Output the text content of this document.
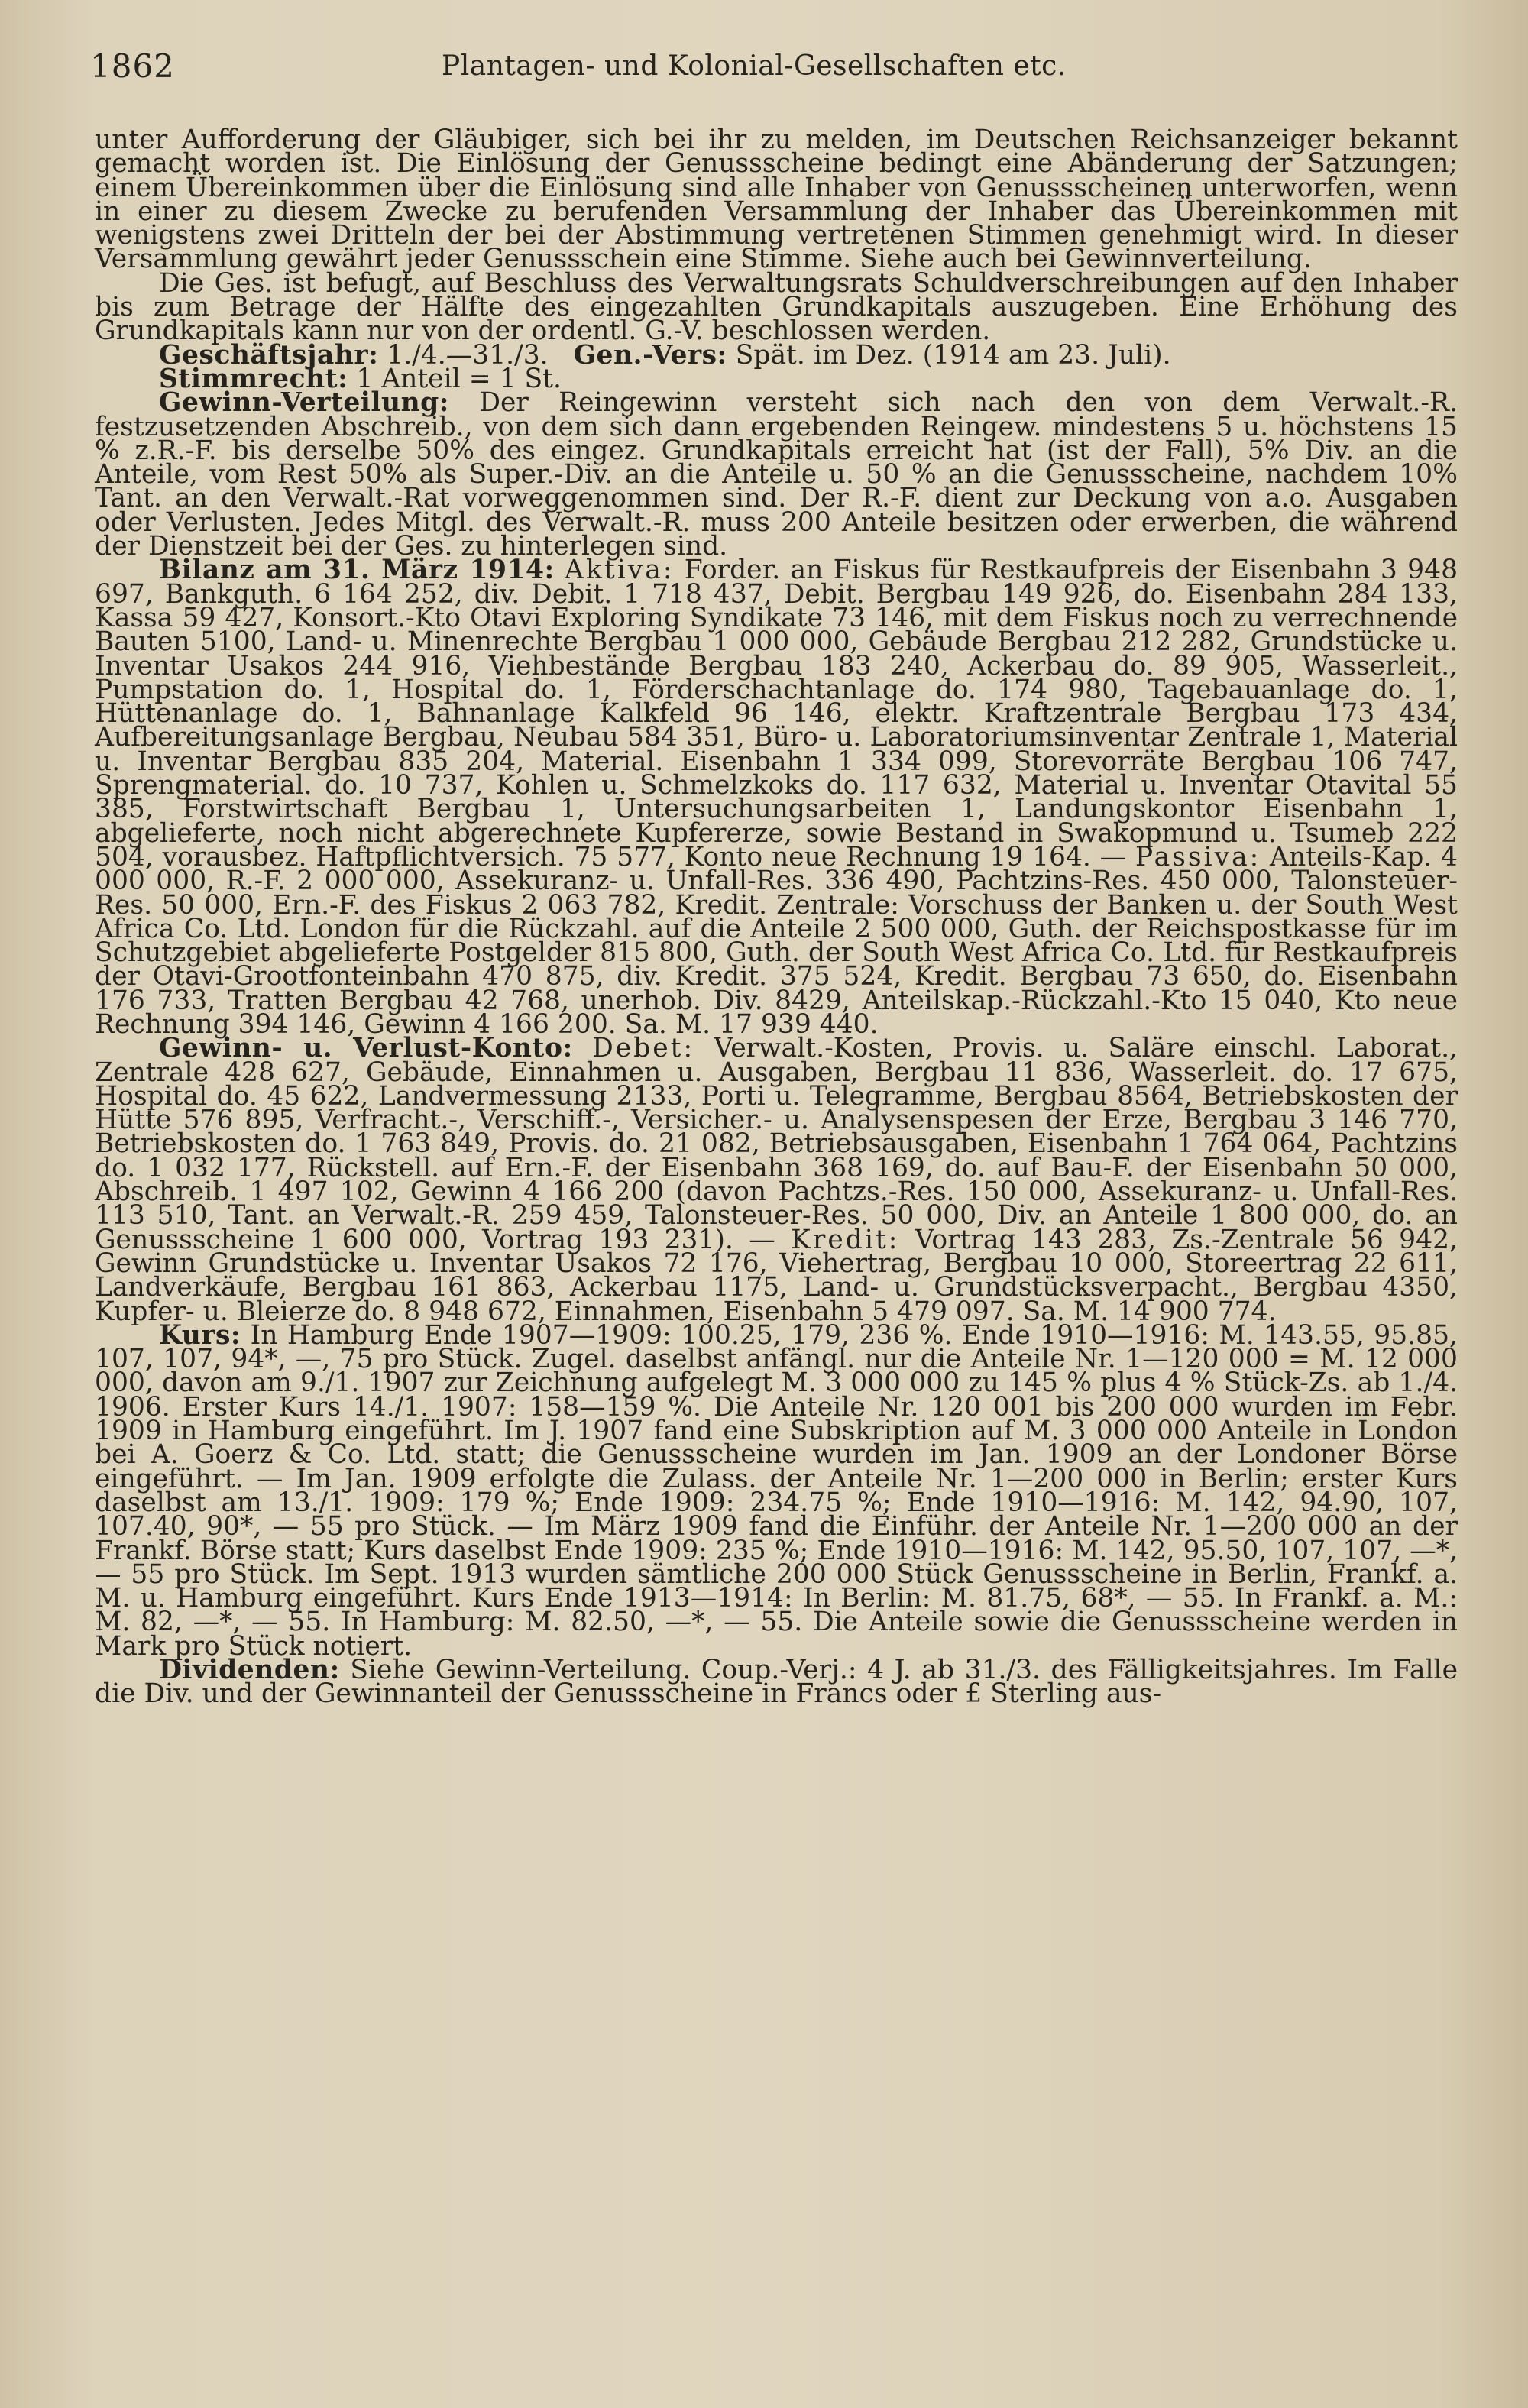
1862	Plantagen- und Kolonial-Gesellschaften etc.

unter Aufforderung der Gläubiger, sich bei ihr zu melden, im Deutschen Reichsanzeiger bekannt gemacht worden ist. Die Einlösung der Genussscheine bedingt eine Abänderung der Satzungen; einem Übereinkommen über die Einlösung sind alle Inhaber von Genussscheinen unterworfen, wenn in einer zu diesem Zwecke zu berufenden Versammlung der Inhaber das Übereinkommen mit wenigstens zwei Dritteln der bei der Abstimmung vertretenen Stimmen genehmigt wird. In dieser Versammlung gewährt jeder Genussschein eine Stimme. Siehe auch bei Gewinnverteilung.

Die Ges. ist befugt, auf Beschluss des Verwaltungsrats Schuldverschreibungen auf den Inhaber bis zum Betrage der Hälfte des eingezahlten Grundkapitals auszugeben. Eine Erhöhung des Grundkapitals kann nur von der ordentl. G.-V. beschlossen werden.

Geschäftsjahr: 1./4.—31./3. Gen.-Vers: Spät. im Dez. (1914 am 23. Juli).

Stimmrecht: 1 Anteil = 1 St.

Gewinn-Verteilung: Der Reingewinn versteht sich nach den von dem Verwalt.-R. festzusetzenden Abschreib., von dem sich dann ergebenden Reingew. mindestens 5 u. höchstens 15 % z.R.-F. bis derselbe 50% des eingez. Grundkapitals erreicht hat (ist der Fall), 5% Div. an die Anteile, vom Rest 50% als Super.-Div. an die Anteile u. 50 % an die Genussscheine, nachdem 10% Tant. an den Verwalt.-Rat vorweggenommen sind. Der R.-F. dient zur Deckung von a.o. Ausgaben oder Verlusten. Jedes Mitgl. des Verwalt.-R. muss 200 Anteile besitzen oder erwerben, die während der Dienstzeit bei der Ges. zu hinterlegen sind.

Bilanz am 31. März 1914: Aktiva: Forder. an Fiskus für Restkaufpreis der Eisenbahn 3 948 697, Bankguth. 6 164 252, div. Debit. 1 718 437, Debit. Bergbau 149 926, do. Eisenbahn 284 133, Kassa 59 427, Konsort.-Kto Otavi Exploring Syndikate 73 146, mit dem Fiskus noch zu verrechnende Bauten 5100, Land- u. Minenrechte Bergbau 1 000 000, Gebäude Bergbau 212 282, Grundstücke u. Inventar Usakos 244 916, Viehbestände Bergbau 183 240, Ackerbau do. 89 905, Wasserleit., Pumpstation do. 1, Hospital do. 1, Förderschachtanlage do. 174 980, Tagebauanlage do. 1, Hüttenanlage do. 1, Bahnanlage Kalkfeld 96 146, elektr. Kraftzentrale Bergbau 173 434, Aufbereitungsanlage Bergbau, Neubau 584 351, Büro- u. Laboratoriumsinventar Zentrale 1, Material u. Inventar Bergbau 835 204, Material. Eisenbahn 1 334 099, Storevorräte Bergbau 106 747, Sprengmaterial. do. 10 737, Kohlen u. Schmelzkoks do. 117 632, Material u. Inventar Otavital 55 385, Forstwirtschaft Bergbau 1, Untersuchungsarbeiten 1, Landungskontor Eisenbahn 1, abgelieferte, noch nicht abgerechnete Kupfererze, sowie Bestand in Swakopmund u. Tsumeb 222 504, vorausbez. Haftpflichtversich. 75 577, Konto neue Rechnung 19 164. — Passiva: Anteils-Kap. 4 000 000, R.-F. 2 000 000, Assekuranz- u. Unfall-Res. 336 490, Pachtzins-Res. 450 000, Talonsteuer-Res. 50 000, Ern.-F. des Fiskus 2 063 782, Kredit. Zentrale: Vorschuss der Banken u. der South West Africa Co. Ltd. London für die Rückzahl. auf die Anteile 2 500 000, Guth. der Reichspostkasse für im Schutzgebiet abgelieferte Postgelder 815 800, Guth. der South West Africa Co. Ltd. für Restkaufpreis der Otavi-Grootfonteinbahn 470 875, div. Kredit. 375 524, Kredit. Bergbau 73 650, do. Eisenbahn 176 733, Tratten Bergbau 42 768, unerhob. Div. 8429, Anteilskap.-Rückzahl.-Kto 15 040, Kto neue Rechnung 394 146, Gewinn 4 166 200. Sa. M. 17 939 440.

Gewinn- u. Verlust-Konto: Debet: Verwalt.-Kosten, Provis. u. Saläre einschl. Laborat., Zentrale 428 627, Gebäude, Einnahmen u. Ausgaben, Bergbau 11 836, Wasserleit. do. 17 675, Hospital do. 45 622, Landvermessung 2133, Porti u. Telegramme, Bergbau 8564, Betriebskosten der Hütte 576 895, Verfracht.-, Verschiff.-, Versicher.- u. Analysenspesen der Erze, Bergbau 3 146 770, Betriebskosten do. 1 763 849, Provis. do. 21 082, Betriebsausgaben, Eisenbahn 1 764 064, Pachtzins do. 1 032 177, Rückstell. auf Ern.-F. der Eisenbahn 368 169, do. auf Bau-F. der Eisenbahn 50 000, Abschreib. 1 497 102, Gewinn 4 166 200 (davon Pachtzs.-Res. 150 000, Assekuranz- u. Unfall-Res. 113 510, Tant. an Verwalt.-R. 259 459, Talonsteuer-Res. 50 000, Div. an Anteile 1 800 000, do. an Genussscheine 1 600 000, Vortrag 193 231). — Kredit: Vortrag 143 283, Zs.-Zentrale 56 942, Gewinn Grundstücke u. Inventar Usakos 72 176, Viehertrag, Bergbau 10 000, Storeertrag 22 611, Landverkäufe, Bergbau 161 863, Ackerbau 1175, Land- u. Grundstücksverpacht., Bergbau 4350, Kupfer- u. Bleierze do. 8 948 672, Einnahmen, Eisenbahn 5 479 097. Sa. M. 14 900 774.

Kurs: In Hamburg Ende 1907—1909: 100.25, 179, 236 %. Ende 1910—1916: M. 143.55, 95.85, 107, 107, 94*, —, 75 pro Stück. Zugel. daselbst anfängl. nur die Anteile Nr. 1—120 000 = M. 12 000 000, davon am 9./1. 1907 zur Zeichnung aufgelegt M. 3 000 000 zu 145 % plus 4 % Stück-Zs. ab 1./4. 1906. Erster Kurs 14./1. 1907: 158—159 %. Die Anteile Nr. 120 001 bis 200 000 wurden im Febr. 1909 in Hamburg eingeführt. Im J. 1907 fand eine Subskription auf M. 3 000 000 Anteile in London bei A. Goerz & Co. Ltd. statt; die Genussscheine wurden im Jan. 1909 an der Londoner Börse eingeführt. — Im Jan. 1909 erfolgte die Zulass. der Anteile Nr. 1—200 000 in Berlin; erster Kurs daselbst am 13./1. 1909: 179 %; Ende 1909: 234.75 %; Ende 1910—1916: M. 142, 94.90, 107, 107.40, 90*, — 55 pro Stück. — Im März 1909 fand die Einführ. der Anteile Nr. 1—200 000 an der Frankf. Börse statt; Kurs daselbst Ende 1909: 235 %; Ende 1910—1916: M. 142, 95.50, 107, 107, —*, — 55 pro Stück. Im Sept. 1913 wurden sämtliche 200 000 Stück Genussscheine in Berlin, Frankf. a. M. u. Hamburg eingeführt. Kurs Ende 1913—1914: In Berlin: M. 81.75, 68*, — 55. In Frankf. a. M.: M. 82, —*, — 55. In Hamburg: M. 82.50, —*, — 55. Die Anteile sowie die Genussscheine werden in Mark pro Stück notiert.

Dividenden: Siehe Gewinn-Verteilung. Coup.-Verj.: 4 J. ab 31./3. des Fälligkeitsjahres. Im Falle die Div. und der Gewinnanteil der Genussscheine in Francs oder £ Sterling aus-
